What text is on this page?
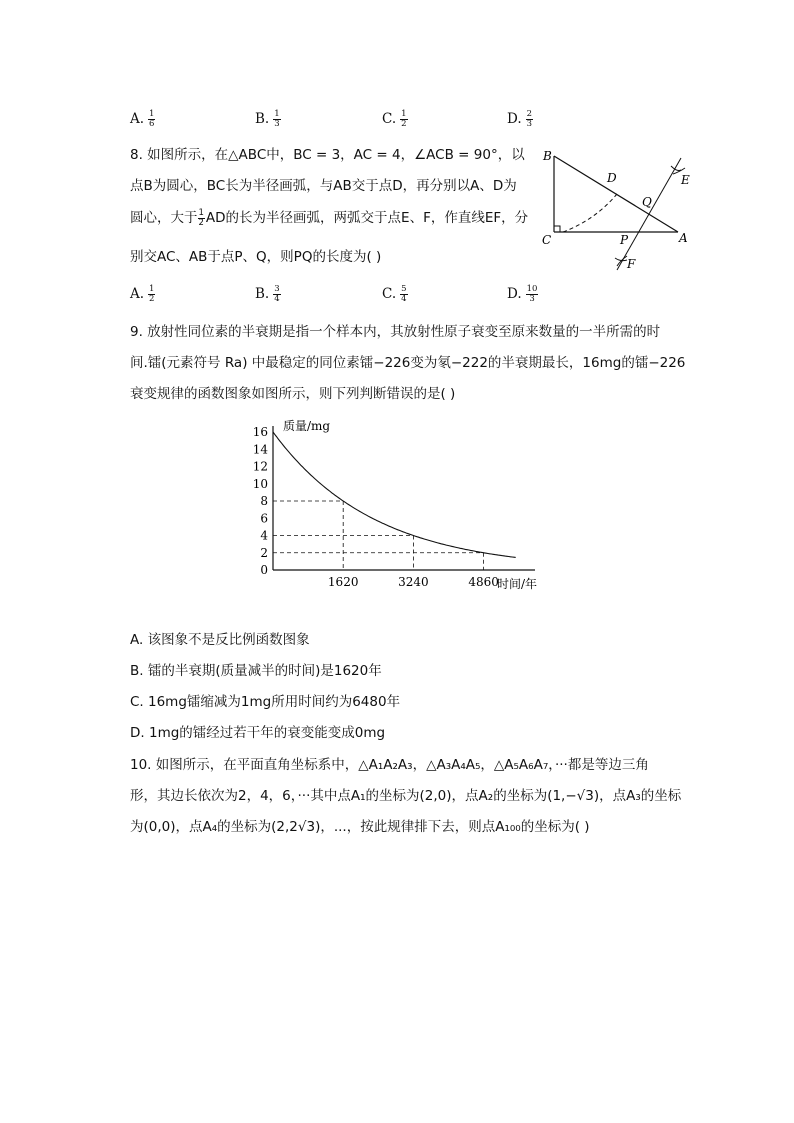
A. $\frac{1}{6}$	B. $\frac{1}{3}$	C. $\frac{1}{2}$	D. $\frac{2}{3}$
8. 如图所示，在△ABC中，BC = 3，AC = 4，∠ACB = 90°，以
点B为圆心，BC长为半径画弧，与AB交于点D，再分别以A、D为
圆心，大于 $\frac{1}{2}$ AD的长为半径画弧，两弧交于点E、F，作直线EF，分
别交AC、AB于点P、Q，则PQ的长度为( )
A. $\frac{1}{2}$	B. $\frac{3}{4}$	C. $\frac{5}{4}$	D. $\frac{10}{3}$
B
C	A
D	E
F
P
Q
9. 放射性同位素的半衰期是指一个样本内，其放射性原子衰变至原来数量的一半所需的时
间.镭(元素符号 Ra) 中最稳定的同位素镭−226变为氡−222的半衰期最长，16mg的镭−226
衰变规律的函数图象如图所示，则下列判断错误的是( )
0
2
4
6
8
10
12
14
16
1620	3240	4860
质量/mg
时间/年
A. 该图象不是反比例函数图象
B. 镭的半衰期(质量减半的时间)是1620年
C. 16mg镭缩减为1mg所用时间约为6480年
D. 1mg的镭经过若干年的衰变能变成0mg
10. 如图所示，在平面直角坐标系中，△A₁A₂A₃，△A₃A₄A₅，△A₅A₆A₇，···都是等边三角
形，其边长依次为2，4，6，···其中点A₁的坐标为(2,0)，点A₂的坐标为(1,−√3)，点A₃的坐标
为(0,0)，点A₄的坐标为(2,2√3)，...，按此规律排下去，则点A₁₀₀的坐标为( )
